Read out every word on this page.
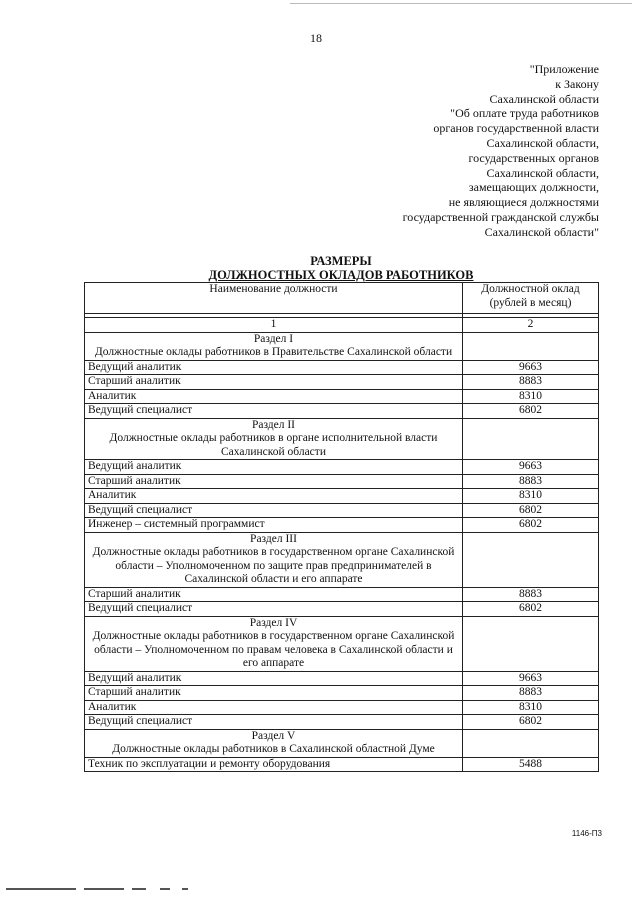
18
"Приложение
к Закону
Сахалинской области
"Об оплате труда работников
органов государственной власти
Сахалинской области,
государственных органов
Сахалинской области,
замещающих должности,
не являющиеся должностями
государственной гражданской службы
Сахалинской области"
РАЗМЕРЫ
ДОЛЖНОСТНЫХ ОКЛАДОВ РАБОТНИКОВ
Наименование должности	Должностной оклад (рублей в месяц)

1	2

Раздел I
Должностные оклады работников в Правительстве Сахалинской области	

Ведущий аналитик	9663
Старший аналитик	8883
Аналитик	8310
Ведущий специалист	6802

Раздел II
Должностные оклады работников в органе исполнительной власти Сахалинской области	

Ведущий аналитик	9663
Старший аналитик	8883
Аналитик	8310
Ведущий специалист	6802
Инженер – системный программист	6802

Раздел III
Должностные оклады работников в государственном органе Сахалинской области – Уполномоченном по защите прав предпринимателей в Сахалинской области и его аппарате	

Старший аналитик	8883
Ведущий специалист	6802

Раздел IV
Должностные оклады работников в государственном органе Сахалинской области – Уполномоченном по правам человека в Сахалинской области и его аппарате	

Ведущий аналитик	9663
Старший аналитик	8883
Аналитик	8310
Ведущий специалист	6802

Раздел V
Должностные оклады работников в Сахалинской областной Думе	

Техник по эксплуатации и ремонту оборудования	5488
1146-П3
